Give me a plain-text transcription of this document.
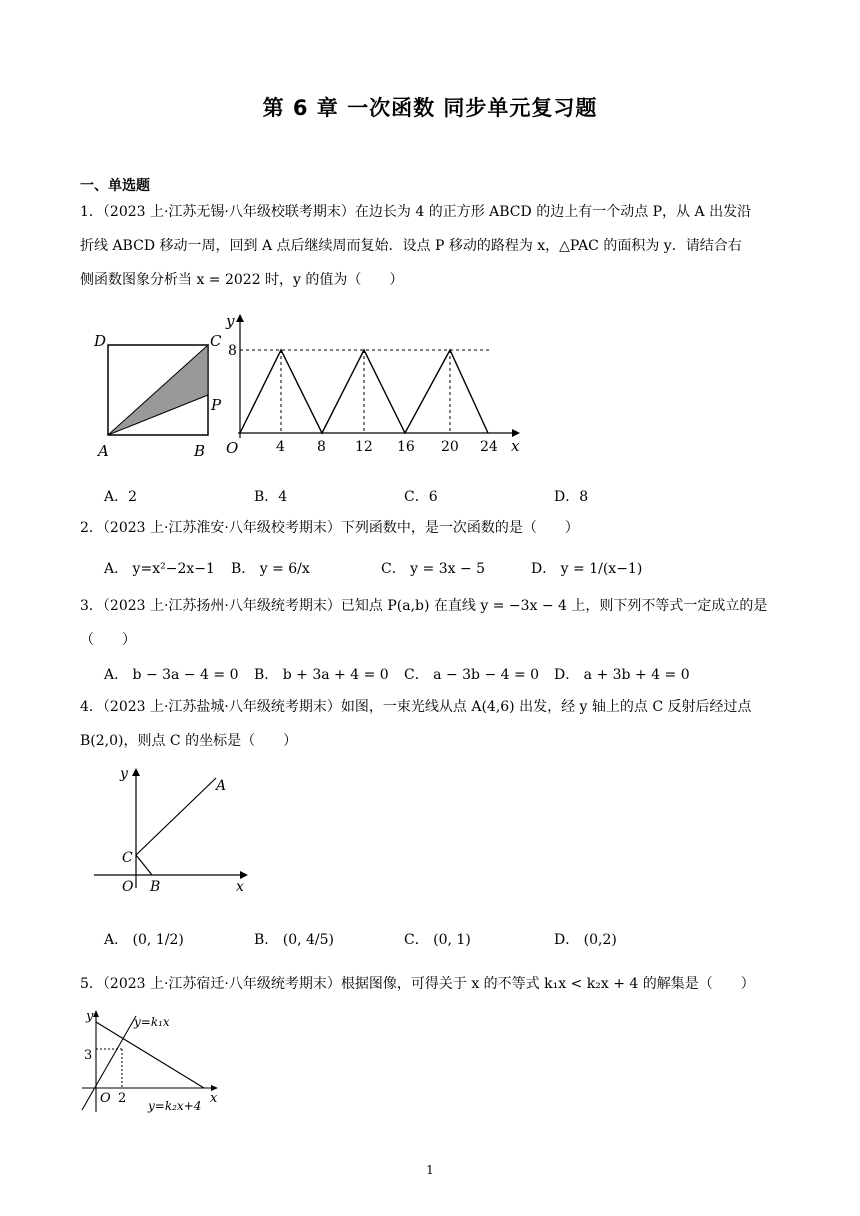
第 6 章 一次函数 同步单元复习题
一、单选题
1．（2023 上·江苏无锡·八年级校联考期末）在边长为 4 的正方形 ABCD 的边上有一个动点 P，从 A 出发沿
折线 ABCD 移动一周，回到 A 点后继续周而复始．设点 P 移动的路程为 x，△PAC 的面积为 y．请结合右
侧函数图象分析当 x = 2022 时，y 的值为（　　）
D	C
P
A	B
y
x
O
8
4 8 12 16 20 24
A．2	B．4	C．6	D．8
2．（2023 上·江苏淮安·八年级校考期末）下列函数中，是一次函数的是（　　）
A． y=x²−2x−1	B． y = 6/x	C． y = 3x − 5	D． y = 1/(x−1)
3．（2023 上·江苏扬州·八年级统考期末）已知点 P(a,b) 在直线 y = −3x − 4 上，则下列不等式一定成立的是
（　　）
A． b − 3a − 4 = 0	B． b + 3a + 4 = 0	C． a − 3b − 4 = 0	D． a + 3b + 4 = 0
4．（2023 上·江苏盐城·八年级统考期末）如图，一束光线从点 A(4,6) 出发，经 y 轴上的点 C 反射后经过点
B(2,0)，则点 C 的坐标是（　　）
y
A
C
O B	x
A． (0, 1/2)	B． (0, 4/5)	C． (0, 1)	D． (0,2)
5．（2023 上·江苏宿迁·八年级统考期末）根据图像，可得关于 x 的不等式 k₁x < k₂x + 4 的解集是（　　）
y	y=k₁x
3
O 2 y=k₂x+4 x
1
